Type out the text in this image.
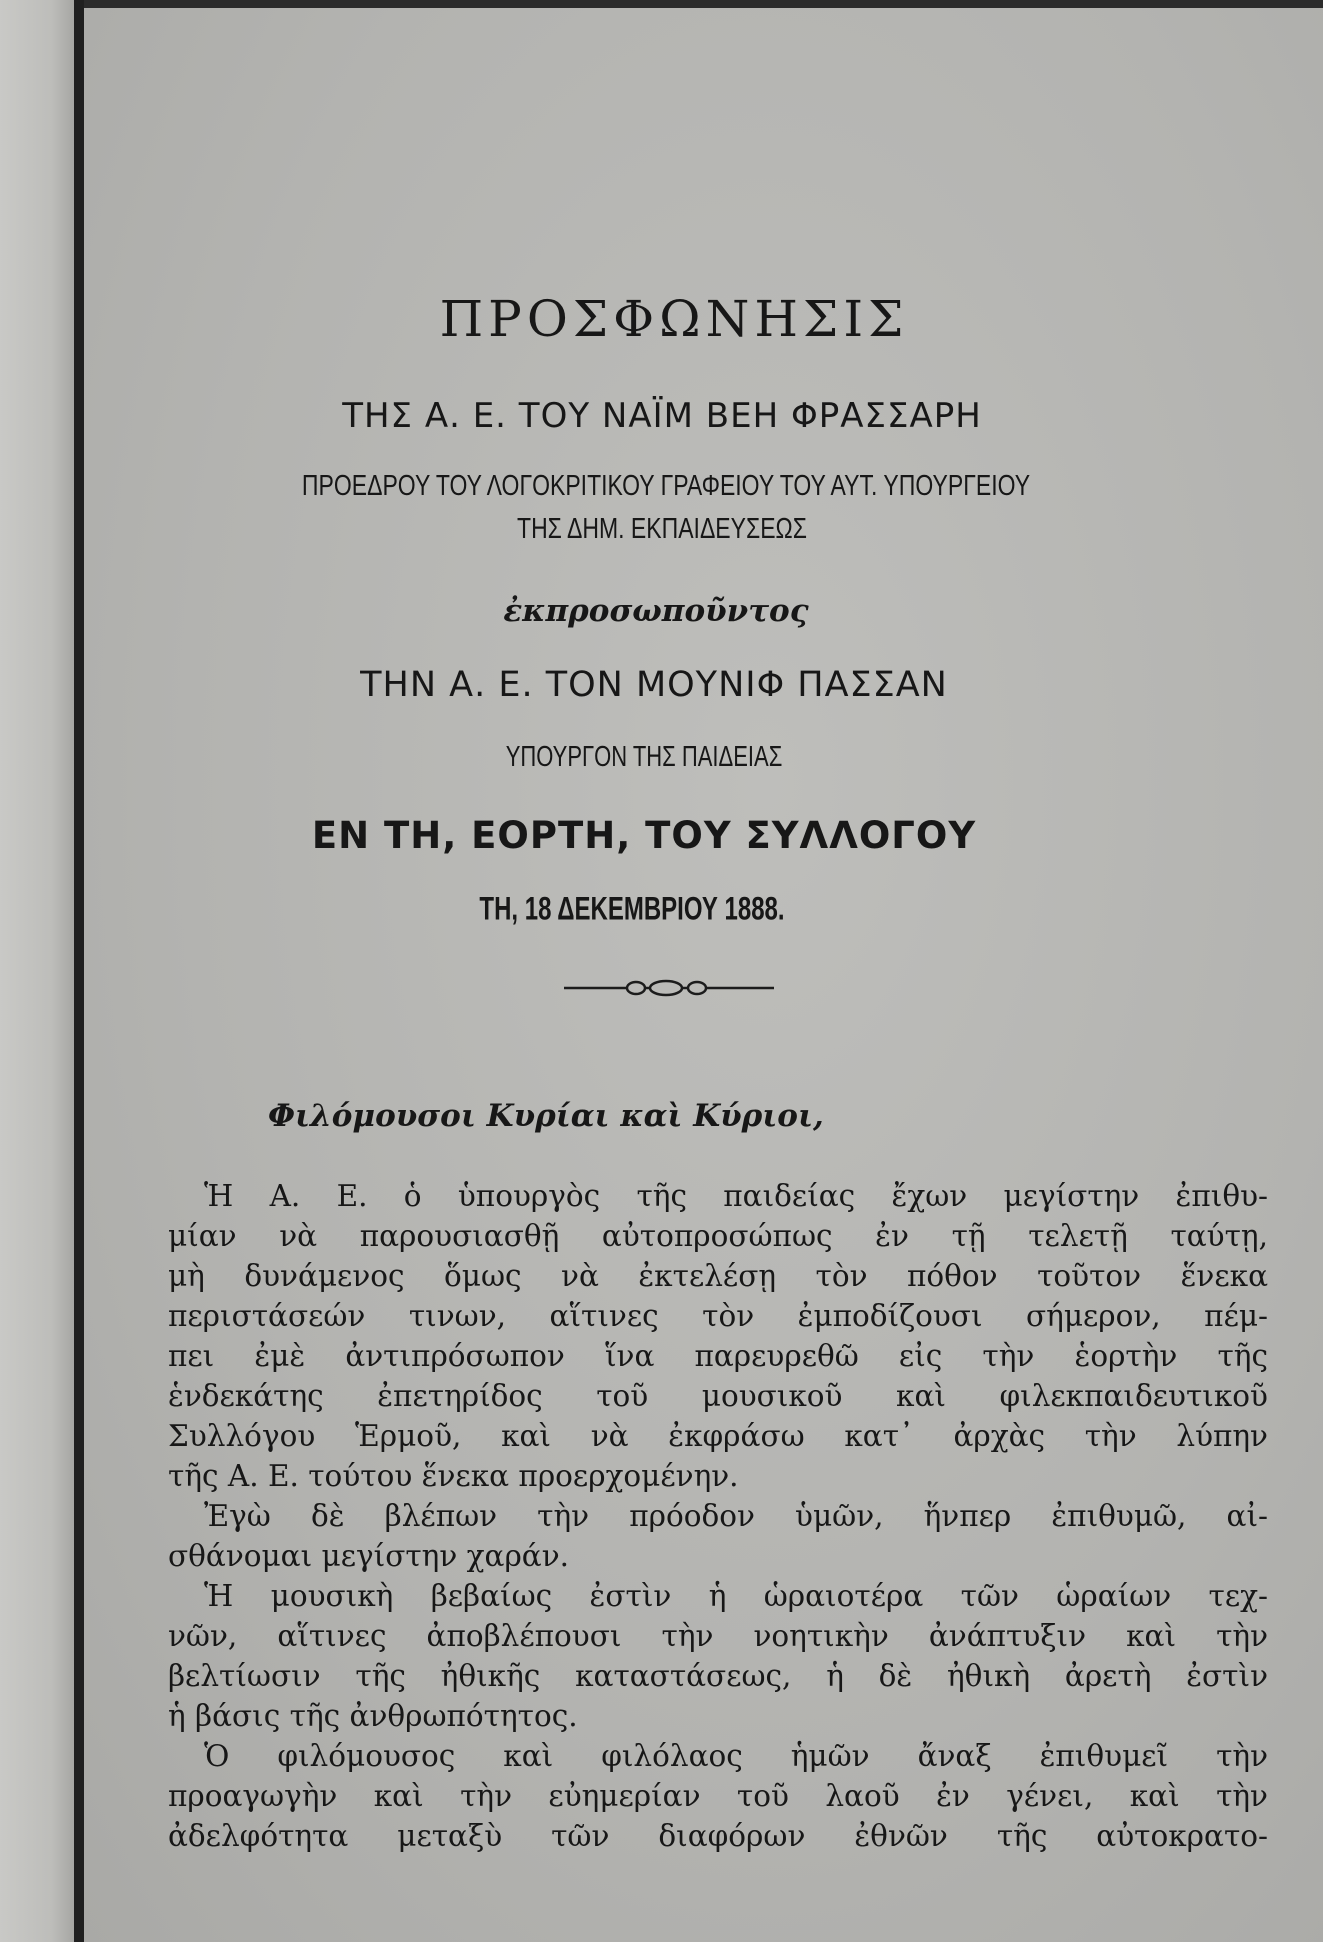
ΠΡΟΣΦΩΝΗΣΙΣ
ΤΗΣ Α. Ε. ΤΟΥ ΝΑΪΜ ΒΕΗ ΦΡΑΣΣΑΡΗ
ΠΡΟΕΔΡΟΥ ΤΟΥ ΛΟΓΟΚΡΙΤΙΚΟΥ ΓΡΑΦΕΙΟΥ ΤΟΥ ΑΥΤ. ΥΠΟΥΡΓΕΙΟΥ
ΤΗΣ ΔΗΜ. ΕΚΠΑΙΔΕΥΣΕΩΣ
ἐκπροσωποῦντος
ΤΗΝ Α. Ε. ΤΟΝ ΜΟΥΝΙΦ ΠΑΣΣΑΝ
ΥΠΟΥΡΓΟΝ ΤΗΣ ΠΑΙΔΕΙΑΣ
ΕΝ ΤΗ, ΕΟΡΤΗ, ΤΟΥ ΣΥΛΛΟΓΟΥ
ΤΗ, 18 ΔΕΚΕΜΒΡΙΟΥ 1888.
Φιλόμουσοι Κυρίαι καὶ Κύριοι,
Ἡ Α. Ε. ὁ ὑπουργὸς τῆς παιδείας ἔχων μεγίστην ἐπιθυ-
μίαν νὰ παρουσιασθῇ αὐτοπροσώπως ἐν τῇ τελετῇ ταύτῃ,
μὴ δυνάμενος ὅμως νὰ ἐκτελέσῃ τὸν πόθον τοῦτον ἕνεκα
περιστάσεών τινων, αἵτινες τὸν ἐμποδίζουσι σήμερον, πέμ-
πει ἐμὲ ἀντιπρόσωπον ἵνα παρευρεθῶ εἰς τὴν ἑορτὴν τῆς
ἑνδεκάτης ἐπετηρίδος τοῦ μουσικοῦ καὶ φιλεκπαιδευτικοῦ
Συλλόγου Ἑρμοῦ, καὶ νὰ ἐκφράσω κατ᾽ ἀρχὰς τὴν λύπην
τῆς Α. Ε. τούτου ἕνεκα προερχομένην.
Ἐγὼ δὲ βλέπων τὴν πρόοδον ὑμῶν, ἥνπερ ἐπιθυμῶ, αἰ-
σθάνομαι μεγίστην χαράν.
Ἡ μουσικὴ βεβαίως ἐστὶν ἡ ὡραιοτέρα τῶν ὡραίων τεχ-
νῶν, αἵτινες ἀποβλέπουσι τὴν νοητικὴν ἀνάπτυξιν καὶ τὴν
βελτίωσιν τῆς ἠθικῆς καταστάσεως, ἡ δὲ ἠθικὴ ἀρετὴ ἐστὶν
ἡ βάσις τῆς ἀνθρωπότητος.
Ὁ φιλόμουσος καὶ φιλόλαος ἡμῶν ἄναξ ἐπιθυμεῖ τὴν
προαγωγὴν καὶ τὴν εὐημερίαν τοῦ λαοῦ ἐν γένει, καὶ τὴν
ἀδελφότητα μεταξὺ τῶν διαφόρων ἐθνῶν τῆς αὐτοκρατο-
